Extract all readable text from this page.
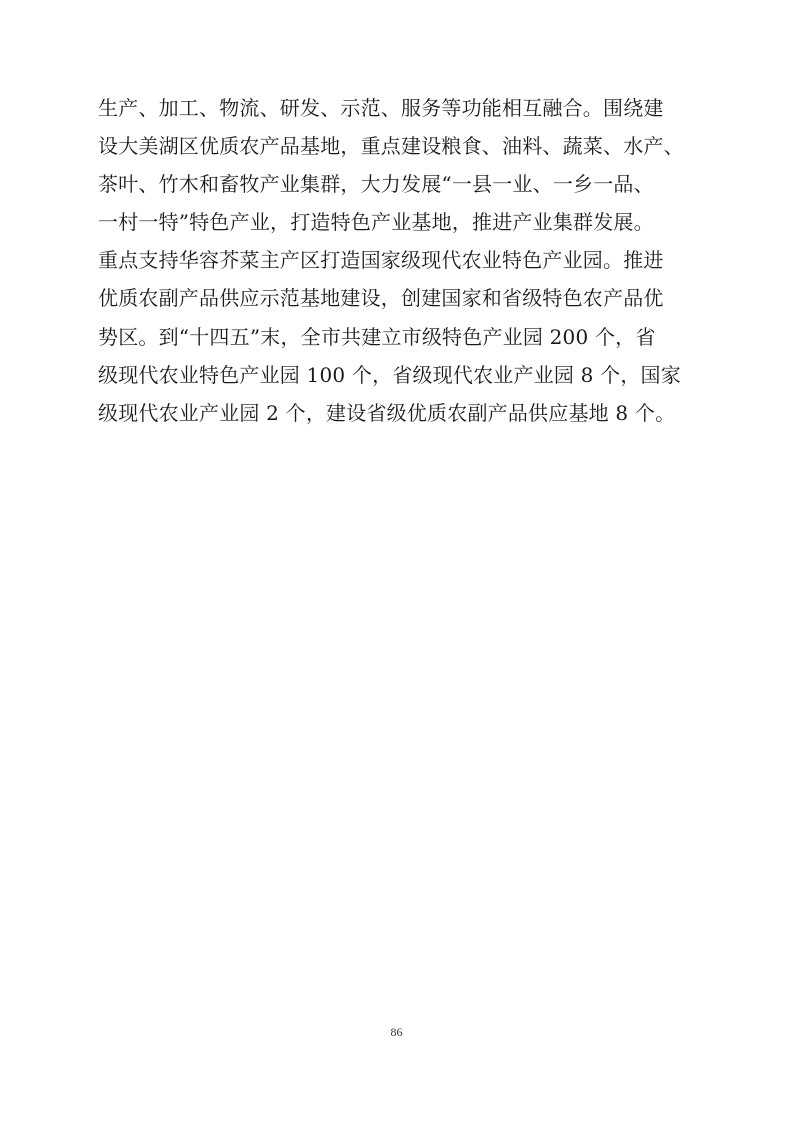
生产、加工、物流、研发、示范、服务等功能相互融合。围绕建
设大美湖区优质农产品基地，重点建设粮食、油料、蔬菜、水产、
茶叶、竹木和畜牧产业集群，大力发展“一县一业、一乡一品、
一村一特”特色产业，打造特色产业基地，推进产业集群发展。
重点支持华容芥菜主产区打造国家级现代农业特色产业园。推进
优质农副产品供应示范基地建设，创建国家和省级特色农产品优
势区。到“十四五”末，全市共建立市级特色产业园 200 个，省
级现代农业特色产业园 100 个，省级现代农业产业园 8 个，国家
级现代农业产业园 2 个，建设省级优质农副产品供应基地 8 个。
86
